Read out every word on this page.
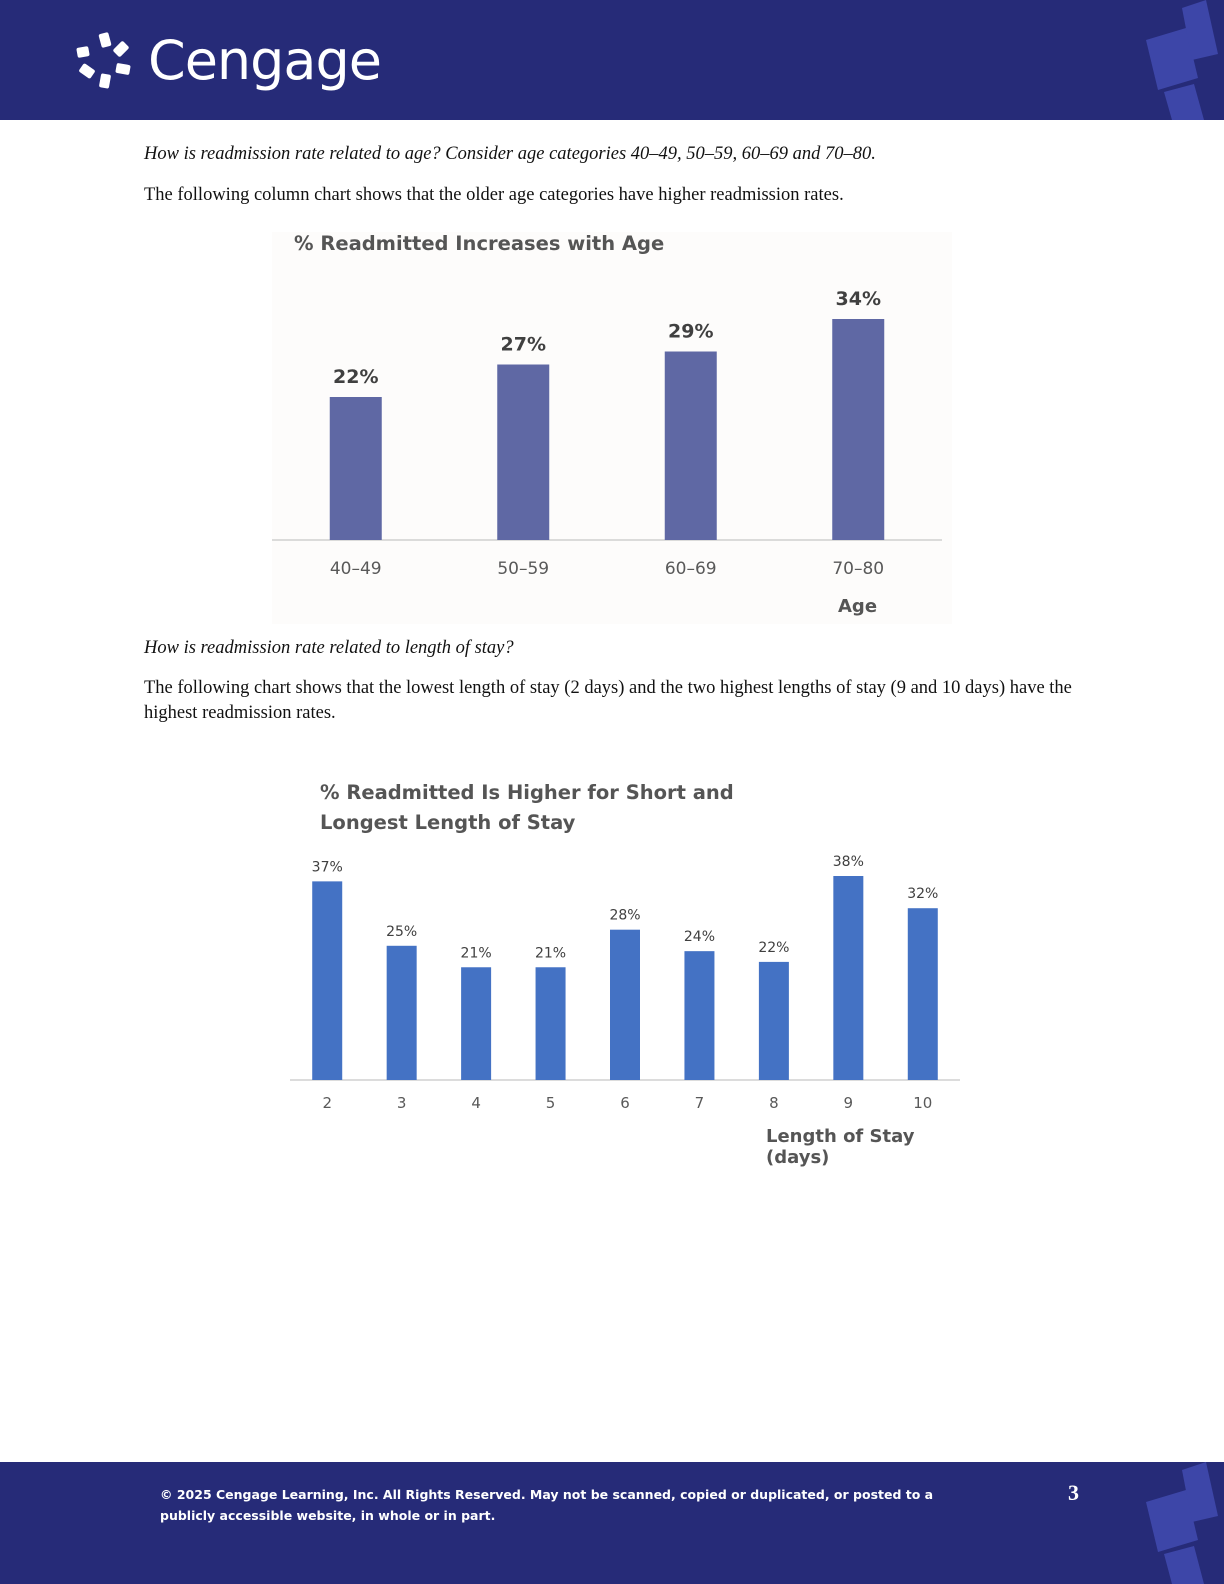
Cengage
How is readmission rate related to age? Consider age categories 40–49, 50–59, 60–69 and 70–80.
The following column chart shows that the older age categories have higher readmission rates.
% Readmitted Increases with Age
22%
40–49
27%
50–59
29%
60–69
34%
70–80
Age
How is readmission rate related to length of stay?
The following chart shows that the lowest length of stay (2 days) and the two highest lengths of stay (9 and 10 days) have the highest readmission rates.
% Readmitted Is Higher for Short and Longest Length of Stay
37%
2
25%
3
21%
4
21%
5
28%
6
24%
7
22%
8
38%
9
32%
10
Length of Stay (days)
© 2025 Cengage Learning, Inc. All Rights Reserved. May not be scanned, copied or duplicated, or posted to a publicly accessible website, in whole or in part.
3
